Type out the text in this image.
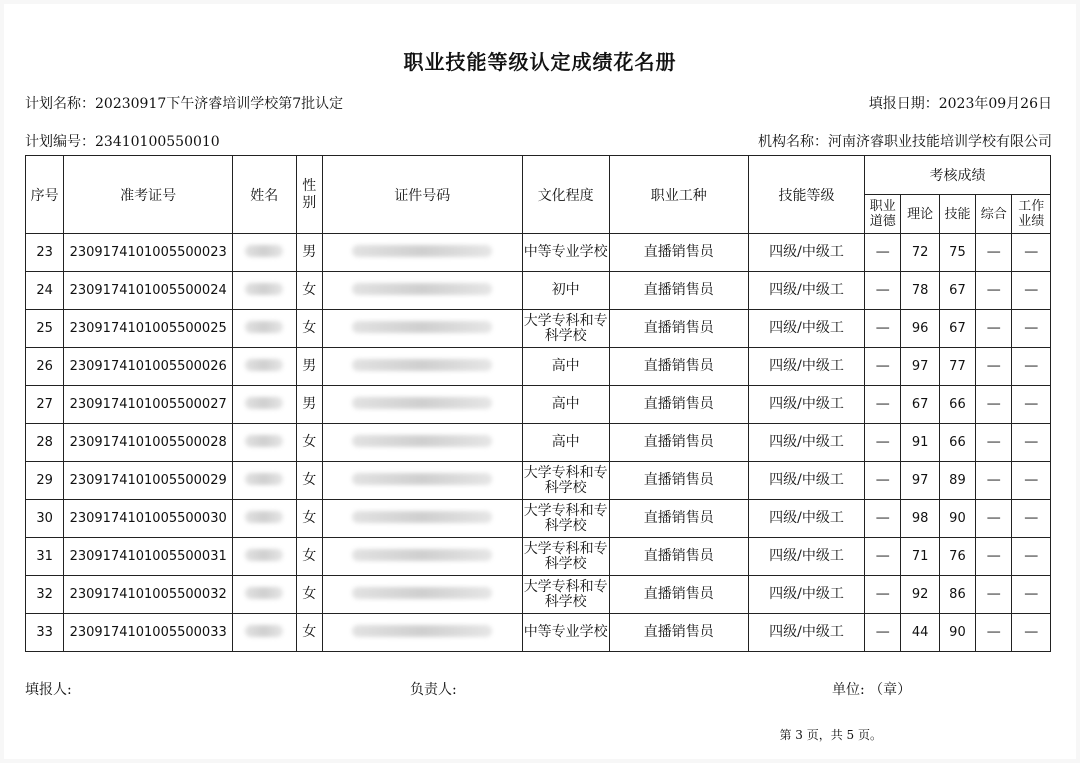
职业技能等级认定成绩花名册
计划名称：20230917下午济睿培训学校第7批认定	填报日期：2023年09月26日
计划编号：23410100550010	机构名称：河南济睿职业技能培训学校有限公司
序号	准考证号	姓名	性别	证件号码	文化程度	职业工种	技能等级	考核成绩				
								职业道德	理论	技能	综合	工作业绩
23	2309174101005500023		男		中等专业学校	直播销售员	四级/中级工	—	72	75	—	—
24	2309174101005500024		女		初中	直播销售员	四级/中级工	—	78	67	—	—
25	2309174101005500025		女		大学专科和专科学校	直播销售员	四级/中级工	—	96	67	—	—
26	2309174101005500026		男		高中	直播销售员	四级/中级工	—	97	77	—	—
27	2309174101005500027		男		高中	直播销售员	四级/中级工	—	67	66	—	—
28	2309174101005500028		女		高中	直播销售员	四级/中级工	—	91	66	—	—
29	2309174101005500029		女		大学专科和专科学校	直播销售员	四级/中级工	—	97	89	—	—
30	2309174101005500030		女		大学专科和专科学校	直播销售员	四级/中级工	—	98	90	—	—
31	2309174101005500031		女		大学专科和专科学校	直播销售员	四级/中级工	—	71	76	—	—
32	2309174101005500032		女		大学专科和专科学校	直播销售员	四级/中级工	—	92	86	—	—
33	2309174101005500033		女		中等专业学校	直播销售员	四级/中级工	—	44	90	—	—
填报人:	负责人:	单位: （章）
第 3 页，共 5 页。
